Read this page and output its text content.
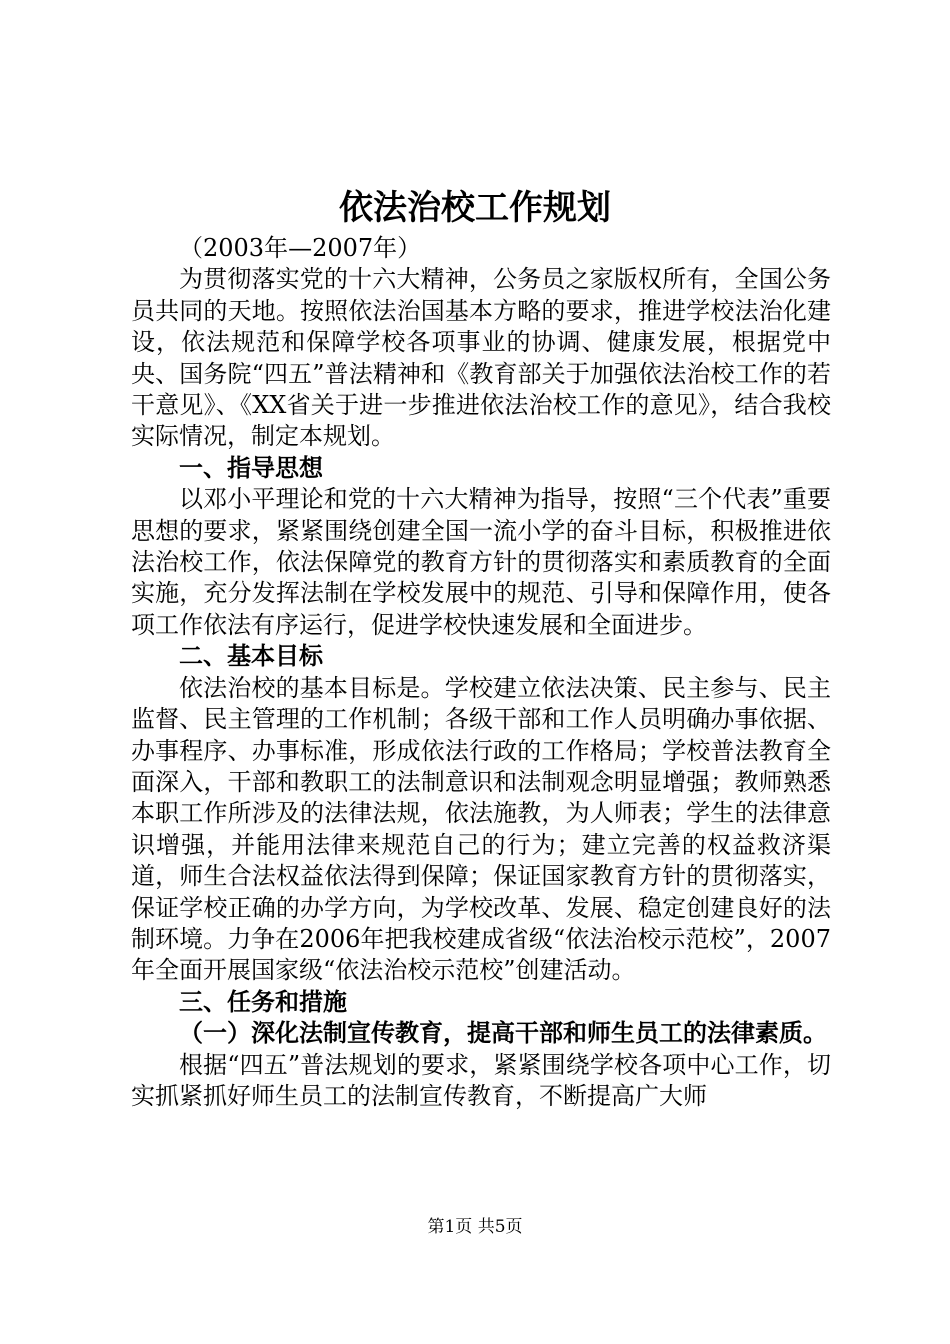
依法治校工作规划

（2003年—2007年）

为贯彻落实党的十六大精神，公务员之家版权所有，全国公务员共同的天地。按照依法治国基本方略的要求，推进学校法治化建设，依法规范和保障学校各项事业的协调、健康发展，根据党中央、国务院“四五”普法精神和《教育部关于加强依法治校工作的若干意见》、《XX省关于进一步推进依法治校工作的意见》，结合我校实际情况，制定本规划。

一、指导思想

以邓小平理论和党的十六大精神为指导，按照“三个代表”重要思想的要求，紧紧围绕创建全国一流小学的奋斗目标，积极推进依法治校工作，依法保障党的教育方针的贯彻落实和素质教育的全面实施，充分发挥法制在学校发展中的规范、引导和保障作用，使各项工作依法有序运行，促进学校快速发展和全面进步。

二、基本目标

依法治校的基本目标是。学校建立依法决策、民主参与、民主监督、民主管理的工作机制；各级干部和工作人员明确办事依据、办事程序、办事标准，形成依法行政的工作格局；学校普法教育全面深入，干部和教职工的法制意识和法制观念明显增强；教师熟悉本职工作所涉及的法律法规，依法施教，为人师表；学生的法律意识增强，并能用法律来规范自己的行为；建立完善的权益救济渠道，师生合法权益依法得到保障；保证国家教育方针的贯彻落实，保证学校正确的办学方向，为学校改革、发展、稳定创建良好的法制环境。力争在2006年把我校建成省级“依法治校示范校”，2007年全面开展国家级“依法治校示范校”创建活动。

三、任务和措施

（一）深化法制宣传教育，提高干部和师生员工的法律素质。

根据“四五”普法规划的要求，紧紧围绕学校各项中心工作，切实抓紧抓好师生员工的法制宣传教育，不断提高广大师

第1页 共5页
